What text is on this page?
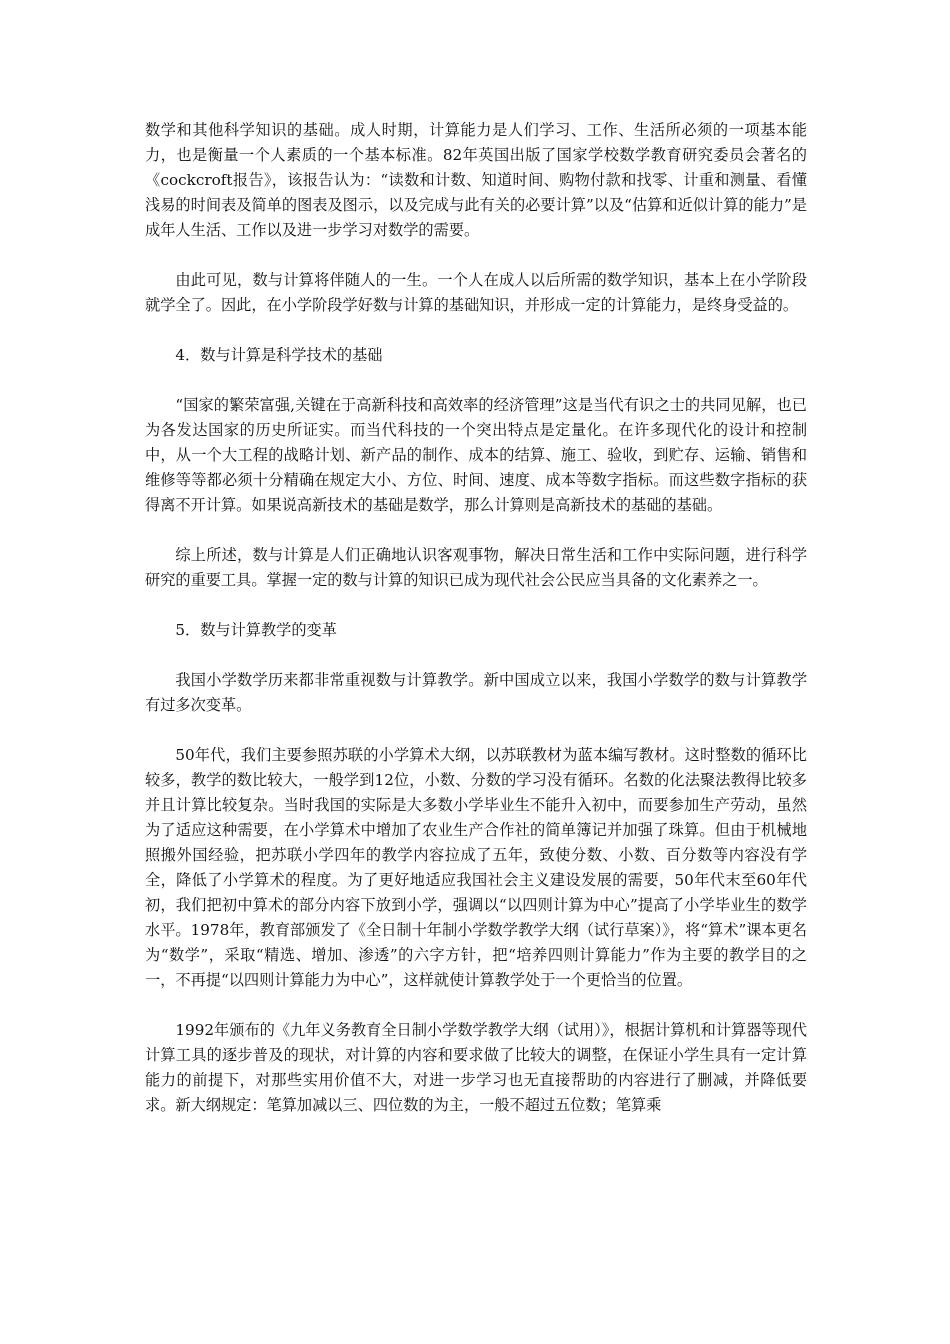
数学和其他科学知识的基础。成人时期，计算能力是人们学习、工作、生活所必须的一项基本能力，也是衡量一个人素质的一个基本标准。82年英国出版了国家学校数学教育研究委员会著名的《cockcroft报告》，该报告认为：“读数和计数、知道时间、购物付款和找零、计重和测量、看懂浅易的时间表及简单的图表及图示，以及完成与此有关的必要计算”以及“估算和近似计算的能力”是成年人生活、工作以及进一步学习对数学的需要。

由此可见，数与计算将伴随人的一生。一个人在成人以后所需的数学知识，基本上在小学阶段就学全了。因此，在小学阶段学好数与计算的基础知识，并形成一定的计算能力，是终身受益的。

4．数与计算是科学技术的基础

“国家的繁荣富强,关键在于高新科技和高效率的经济管理”这是当代有识之士的共同见解，也已为各发达国家的历史所证实。而当代科技的一个突出特点是定量化。在许多现代化的设计和控制中，从一个大工程的战略计划、新产品的制作、成本的结算、施工、验收，到贮存、运输、销售和维修等等都必须十分精确在规定大小、方位、时间、速度、成本等数字指标。而这些数字指标的获得离不开计算。如果说高新技术的基础是数学，那么计算则是高新技术的基础的基础。

综上所述，数与计算是人们正确地认识客观事物，解决日常生活和工作中实际问题，进行科学研究的重要工具。掌握一定的数与计算的知识已成为现代社会公民应当具备的文化素养之一。

5．数与计算教学的变革

我国小学数学历来都非常重视数与计算教学。新中国成立以来，我国小学数学的数与计算教学有过多次变革。

50年代，我们主要参照苏联的小学算术大纲，以苏联教材为蓝本编写教材。这时整数的循环比较多，教学的数比较大，一般学到12位，小数、分数的学习没有循环。名数的化法聚法教得比较多并且计算比较复杂。当时我国的实际是大多数小学毕业生不能升入初中，而要参加生产劳动，虽然为了适应这种需要，在小学算术中增加了农业生产合作社的简单簿记并加强了珠算。但由于机械地照搬外国经验，把苏联小学四年的教学内容拉成了五年，致使分数、小数、百分数等内容没有学全，降低了小学算术的程度。为了更好地适应我国社会主义建设发展的需要，50年代末至60年代初，我们把初中算术的部分内容下放到小学，强调以“以四则计算为中心”提高了小学毕业生的数学水平。1978年，教育部颁发了《全日制十年制小学数学教学大纲（试行草案）》，将“算术”课本更名为“数学”，采取“精选、增加、渗透”的六字方针，把“培养四则计算能力”作为主要的教学目的之一，不再提“以四则计算能力为中心”，这样就使计算教学处于一个更恰当的位置。

1992年颁布的《九年义务教育全日制小学数学教学大纲（试用）》，根据计算机和计算器等现代计算工具的逐步普及的现状，对计算的内容和要求做了比较大的调整，在保证小学生具有一定计算能力的前提下，对那些实用价值不大，对进一步学习也无直接帮助的内容进行了删减，并降低要求。新大纲规定：笔算加减以三、四位数的为主，一般不超过五位数；笔算乘
